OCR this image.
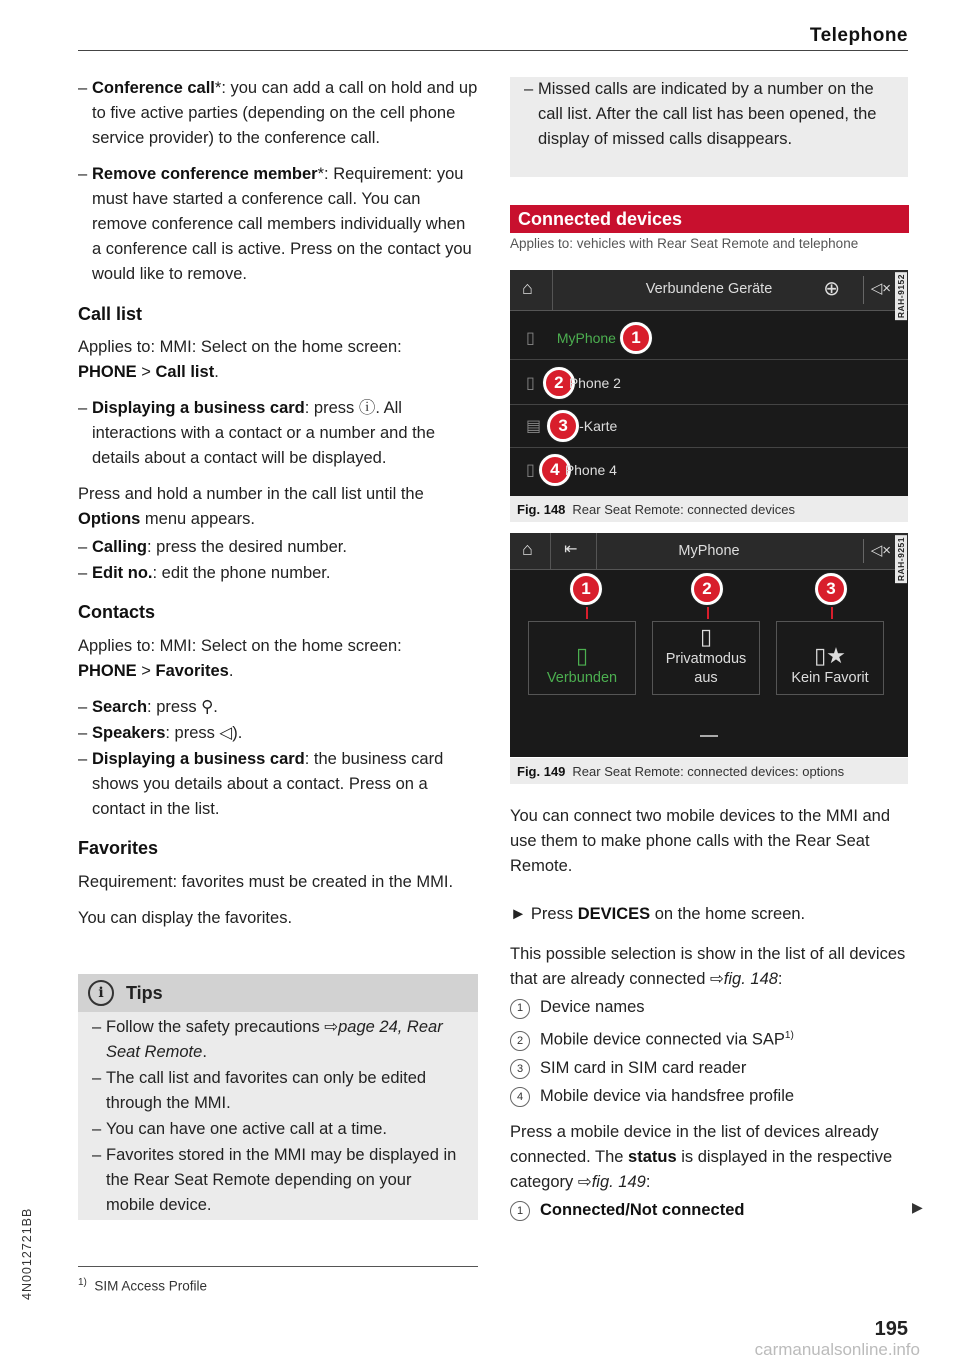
Telephone

– Conference call*: you can add a call on hold and up to five active parties (depending on the cell phone service provider) to the conference call.

– Remove conference member*: Requirement: you must have started a conference call. You can remove conference call members individually when a conference call is active. Press on the contact you would like to remove.

Call list

Applies to: MMI: Select on the home screen:
PHONE > Call list.

– Displaying a business card: press ⓘ. All interactions with a contact or a number and the details about a contact will be displayed.

Press and hold a number in the call list until the Options menu appears.

– Calling: press the desired number.

– Edit no.: edit the phone number.

Contacts

Applies to: MMI: Select on the home screen:
PHONE > Favorites.

– Search: press ⚲.

– Speakers: press ◁).

– Displaying a business card: the business card shows you details about a contact. Press on a contact in the list.

Favorites

Requirement: favorites must be created in the MMI.

You can display the favorites.

i	Tips

– Follow the safety precautions ⇨page 24, Rear Seat Remote.

– The call list and favorites can only be edited through the MMI.

– You can have one active call at a time.

– Favorites stored in the MMI may be displayed in the Rear Seat Remote depending on your mobile device.

$^{1)}$ SIM Access Profile

– Missed calls are indicated by a number on the call list. After the call list has been opened, the display of missed calls disappears.

Connected devices
Applies to: vehicles with Rear Seat Remote and telephone
⌂	Verbundene Geräte	⊕ ◁× RAH-9152
▯ MyPhone 1
▯	2 Phone 2
▤	3 -Karte
▯ 4 Phone 4
Fig. 148 Rear Seat Remote: connected devices
⌂ ⇤	MyPhone	◁× RAH-9251
1	2	3
▯
Verbunden
▯
Privatmodus aus
▯★
Kein Favorit
Fig. 149 Rear Seat Remote: connected devices: options

You can connect two mobile devices to the MMI and use them to make phone calls with the Rear Seat Remote.

► Press DEVICES on the home screen.

This possible selection is show in the list of all devices that are already connected ⇨fig. 148:

1 Device names

2 Mobile device connected via SAP$^{1)}$

3 SIM card in SIM card reader

4 Mobile device via handsfree profile

Press a mobile device in the list of devices already connected. The status is displayed in the respective category ⇨fig. 149:

1 Connected/Not connected	▶
195
4N0012721BB
carmanualsonline.info
